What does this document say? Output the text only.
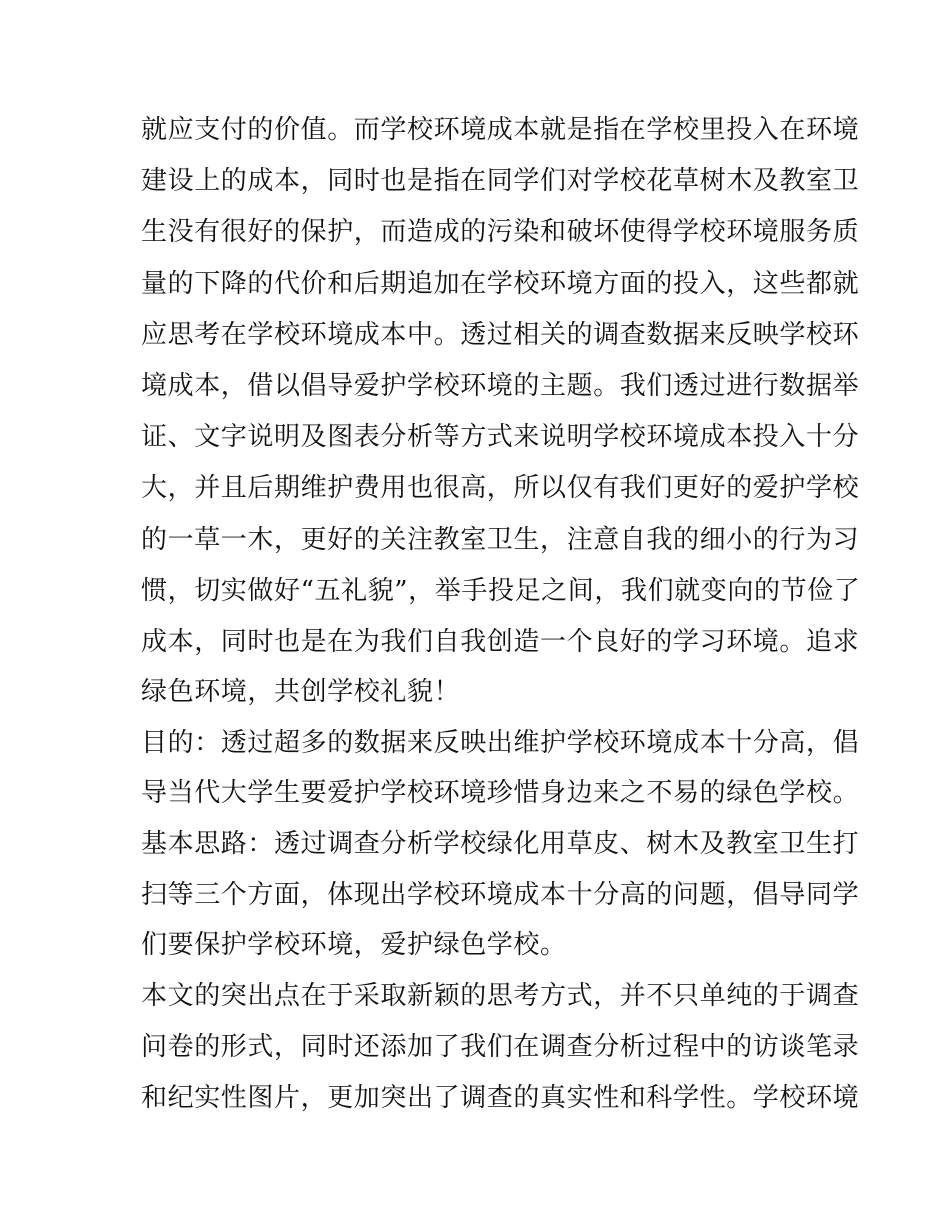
就应支付的价值。而学校环境成本就是指在学校里投入在环境
建设上的成本，同时也是指在同学们对学校花草树木及教室卫
生没有很好的保护，而造成的污染和破坏使得学校环境服务质
量的下降的代价和后期追加在学校环境方面的投入，这些都就
应思考在学校环境成本中。透过相关的调查数据来反映学校环
境成本，借以倡导爱护学校环境的主题。我们透过进行数据举
证、文字说明及图表分析等方式来说明学校环境成本投入十分
大，并且后期维护费用也很高，所以仅有我们更好的爱护学校
的一草一木，更好的关注教室卫生，注意自我的细小的行为习
惯，切实做好“五礼貌”，举手投足之间，我们就变向的节俭了
成本，同时也是在为我们自我创造一个良好的学习环境。追求
绿色环境，共创学校礼貌！
目的：透过超多的数据来反映出维护学校环境成本十分高，倡
导当代大学生要爱护学校环境珍惜身边来之不易的绿色学校。
基本思路：透过调查分析学校绿化用草皮、树木及教室卫生打
扫等三个方面，体现出学校环境成本十分高的问题，倡导同学
们要保护学校环境，爱护绿色学校。
本文的突出点在于采取新颖的思考方式，并不只单纯的于调查
问卷的形式，同时还添加了我们在调查分析过程中的访谈笔录
和纪实性图片，更加突出了调查的真实性和科学性。学校环境
